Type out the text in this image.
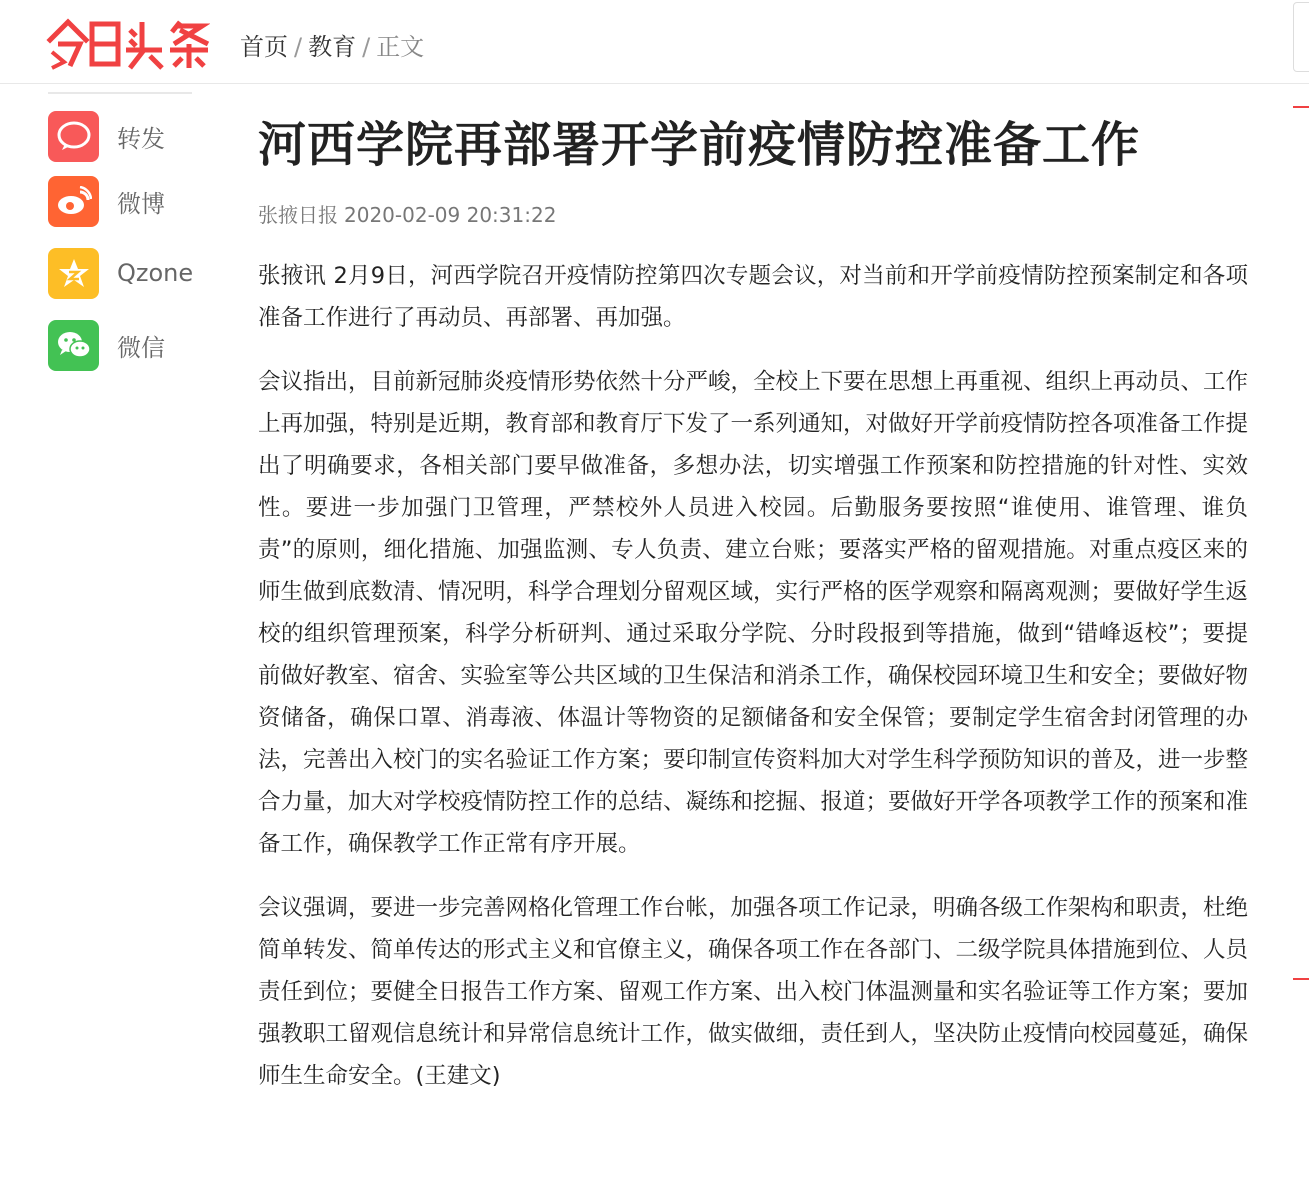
首页 / 教育 / 正文
转发
微博
Qzone
微信
河西学院再部署开学前疫情防控准备工作
张掖日报 2020-02-09 20:31:22

张掖讯 2月9日，河西学院召开疫情防控第四次专题会议，对当前和开学前疫情防控预案制定和各项准备工作进行了再动员、再部署、再加强。

会议指出，目前新冠肺炎疫情形势依然十分严峻，全校上下要在思想上再重视、组织上再动员、工作上再加强，特别是近期，教育部和教育厅下发了一系列通知，对做好开学前疫情防控各项准备工作提出了明确要求，各相关部门要早做准备，多想办法，切实增强工作预案和防控措施的针对性、实效性。要进一步加强门卫管理，严禁校外人员进入校园。后勤服务要按照“谁使用、谁管理、谁负责”的原则，细化措施、加强监测、专人负责、建立台账；要落实严格的留观措施。对重点疫区来的师生做到底数清、情况明，科学合理划分留观区域，实行严格的医学观察和隔离观测；要做好学生返校的组织管理预案，科学分析研判、通过采取分学院、分时段报到等措施，做到“错峰返校”；要提前做好教室、宿舍、实验室等公共区域的卫生保洁和消杀工作，确保校园环境卫生和安全；要做好物资储备，确保口罩、消毒液、体温计等物资的足额储备和安全保管；要制定学生宿舍封闭管理的办法，完善出入校门的实名验证工作方案；要印制宣传资料加大对学生科学预防知识的普及，进一步整合力量，加大对学校疫情防控工作的总结、凝练和挖掘、报道；要做好开学各项教学工作的预案和准备工作，确保教学工作正常有序开展。

会议强调，要进一步完善网格化管理工作台帐，加强各项工作记录，明确各级工作架构和职责，杜绝简单转发、简单传达的形式主义和官僚主义，确保各项工作在各部门、二级学院具体措施到位、人员责任到位；要健全日报告工作方案、留观工作方案、出入校门体温测量和实名验证等工作方案；要加强教职工留观信息统计和异常信息统计工作，做实做细，责任到人，坚决防止疫情向校园蔓延，确保师生生命安全。(王建文)
